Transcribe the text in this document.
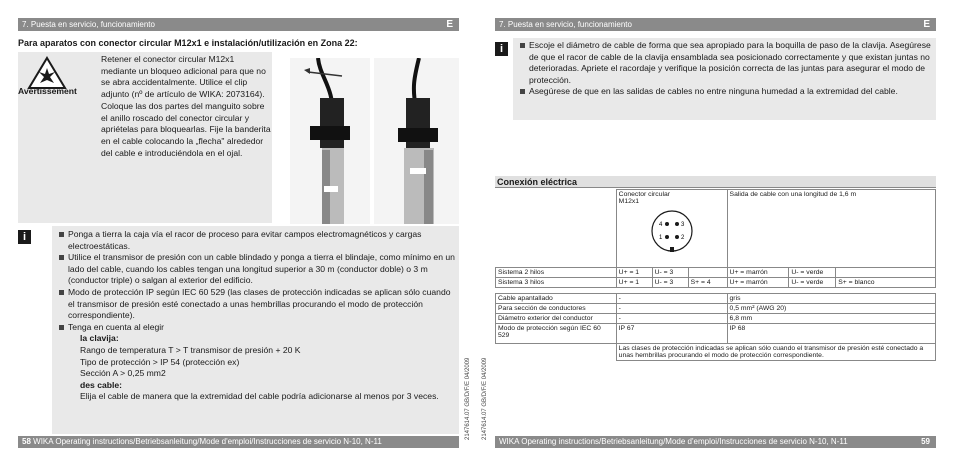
7. Puesta en servicio, funcionamiento	E
Para aparatos con conector circular M12x1 e instalación/utilización en Zona 22:
Avertissement
Retener el conector circular M12x1 mediante un bloqueo adicional para que no se abra accidentalmente. Utilice el clip adjunto (nº de artículo de WIKA: 2073164). Coloque las dos partes del manguito sobre el anillo roscado del conector circular y apriételas para bloquearlas. Fije la banderita en el cable colocando la „flecha" alrededor del cable e introduciéndola en el ojal.
i	Ponga a tierra la caja vía el racor de proceso para evitar campos electromagnéticos y cargas electroestáticas.
Utilice el transmisor de presión con un cable blindado y ponga a tierra el blindaje, como mínimo en un lado del cable, cuando los cables tengan una longitud superior a 30 m (conductor doble) o 3 m (conductor triple) o salgan al exterior del edificio.
Modo de protección IP según IEC 60 529 (las clases de protección indicadas se aplican sólo cuando el transmisor de presión esté conectado a unas hembrillas procurando el modo de protección correspondiente).
Tenga en cuenta al elegir
la clavija:
Rango de temperatura T > T transmisor de presión + 20 K
Tipo de protección > IP 54 (protección ex)
Sección A > 0,25 mm2
des cable:
Elija el cable de manera que la extremidad del cable podría adicionarse al menos por 3 veces.
58 WIKA Operating instructions/Betriebsanleitung/Mode d'emploi/Instrucciones de servicio N-10, N-11
2147614.07 GB/D/F/E 04/2009 2147614.07 GB/D/F/E 04/2009
7. Puesta en servicio, funcionamiento	E
i	Escoje el diámetro de cable de forma que sea apropiado para la boquilla de paso de la clavija. Asegúrese de que el racor de cable de la clavija ensamblada sea posicionado correctamente y que existan juntas no deterioradas. Apriete el racordaje y verifique la posición correcta de las juntas para asegurar el modo de protección.
Asegúrese de que en las salidas de cables no entre ninguna humedad a la extremidad del cable.
Conexión eléctrica

	Conector circular M12x1
4 3
1 2			Salida de cable con una longitud de 1,6 m		
Sistema 2 hilos	U+ = 1	U- = 3		U+ = marrón	U- = verde	
Sistema 3 hilos	U+ = 1	U- = 3	S+ = 4	U+ = marrón	U- = verde	S+ = blanco

Cable apantallado	-			gris		
Para sección de conductores	-			0,5 mm² (AWG 20)		
Diámetro exterior del conductor	-			6,8 mm		
Modo de protección según IEC 60 529	IP 67			IP 68		
	Las clases de protección indicadas se aplican sólo cuando el transmisor de presión esté conectado a unas hembrillas procurando el modo de protección correspondiente.					
WIKA Operating instructions/Betriebsanleitung/Mode d'emploi/Instrucciones de servicio N-10, N-11	59
